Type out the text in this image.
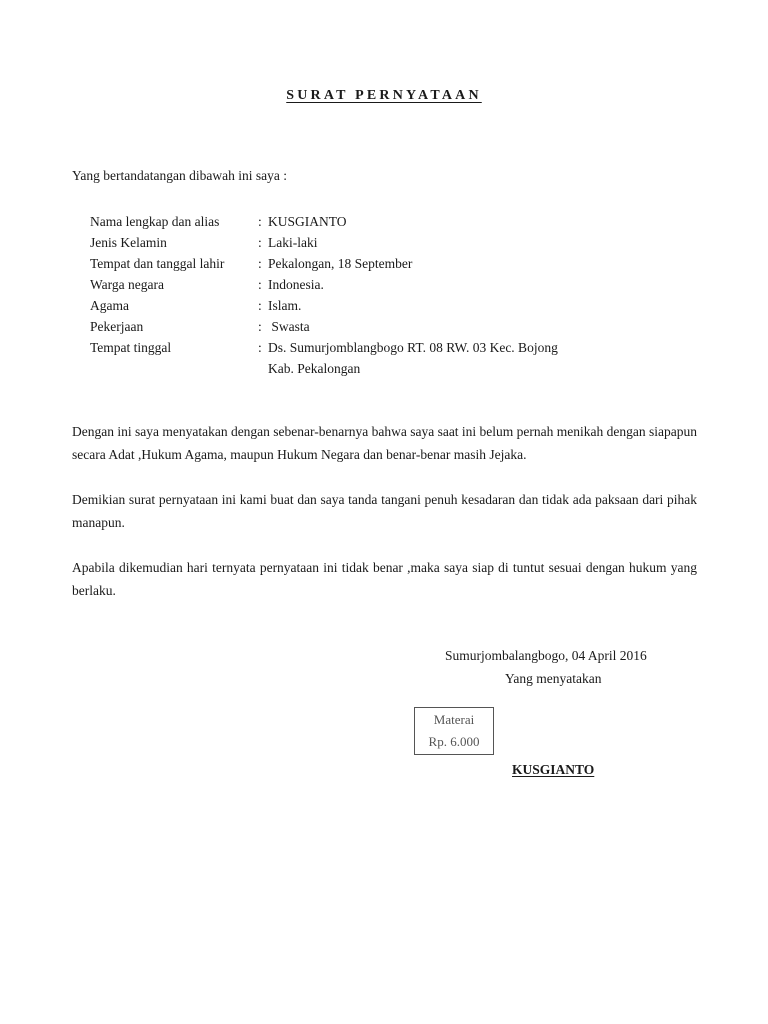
SURAT PERNYATAAN
Yang bertandatangan dibawah ini saya :
Nama lengkap dan alias	: KUSGIANTO
Jenis Kelamin	: Laki-laki
Tempat dan tanggal lahir	: Pekalongan, 18 September
Warga negara	: Indonesia.
Agama	: Islam.
Pekerjaan	: Swasta
Tempat tinggal	: Ds. Sumurjomblangbogo RT. 08 RW. 03 Kec. Bojong
Kab. Pekalongan

Dengan ini saya menyatakan dengan sebenar-benarnya bahwa saya saat ini belum pernah menikah dengan siapapun secara Adat ,Hukum Agama, maupun Hukum Negara dan benar-benar masih Jejaka.

Demikian surat pernyataan ini kami buat dan saya tanda tangani penuh kesadaran dan tidak ada paksaan dari pihak manapun.

Apabila dikemudian hari ternyata pernyataan ini tidak benar ,maka saya siap di tuntut sesuai dengan hukum yang berlaku.

Sumurjombalangbogo, 04 April 2016
Yang menyatakan
Materai
Rp. 6.000
KUSGIANTO
